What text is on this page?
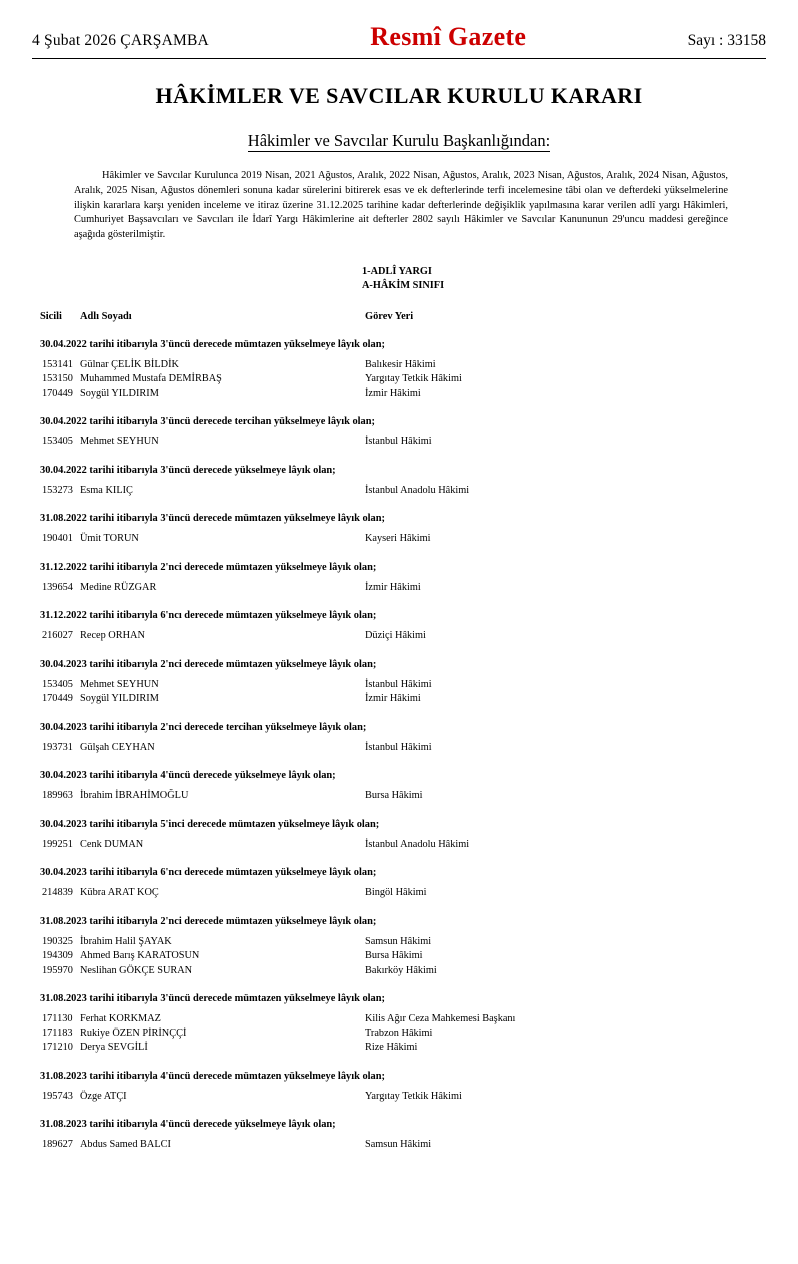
4 Şubat 2026 ÇARŞAMBA	Resmî Gazete	Sayı : 33158
HÂKİMLER VE SAVCILAR KURULU KARARI
Hâkimler ve Savcılar Kurulu Başkanlığından:

Hâkimler ve Savcılar Kurulunca 2019 Nisan, 2021 Ağustos, Aralık, 2022 Nisan, Ağustos, Aralık, 2023 Nisan, Ağustos, Aralık, 2024 Nisan, Ağustos, Aralık, 2025 Nisan, Ağustos dönemleri sonuna kadar sürelerini bitirerek esas ve ek defterlerinde terfi incelemesine tâbi olan ve defterdeki yükselmelerine ilişkin kararlara karşı yeniden inceleme ve itiraz üzerine 31.12.2025 tarihine kadar defterlerinde değişiklik yapılmasına karar verilen adlî yargı Hâkimleri, Cumhuriyet Başsavcıları ve Savcıları ile İdarî Yargı Hâkimlerine ait defterler 2802 sayılı Hâkimler ve Savcılar Kanununun 29'uncu maddesi gereğince aşağıda gösterilmiştir.

1-ADLÎ YARGI
A-HÂKİM SINIFI
Sicili Adlı Soyadı	Görev Yeri
30.04.2022 tarihi itibarıyla 3'üncü derecede mümtazen yükselmeye lâyık olan;
153141 Gülnar ÇELİK BİLDİK	Balıkesir Hâkimi
153150 Muhammed Mustafa DEMİRBAŞ	Yargıtay Tetkik Hâkimi
170449 Soygül YILDIRIM	İzmir Hâkimi
30.04.2022 tarihi itibarıyla 3'üncü derecede tercihan yükselmeye lâyık olan;
153405 Mehmet SEYHUN	İstanbul Hâkimi
30.04.2022 tarihi itibarıyla 3'üncü derecede yükselmeye lâyık olan;
153273 Esma KILIÇ	İstanbul Anadolu Hâkimi
31.08.2022 tarihi itibarıyla 3'üncü derecede mümtazen yükselmeye lâyık olan;
190401 Ümit TORUN	Kayseri Hâkimi
31.12.2022 tarihi itibarıyla 2'nci derecede mümtazen yükselmeye lâyık olan;
139654 Medine RÜZGAR	İzmir Hâkimi
31.12.2022 tarihi itibarıyla 6'ncı derecede mümtazen yükselmeye lâyık olan;
216027 Recep ORHAN	Düziçi Hâkimi
30.04.2023 tarihi itibarıyla 2'nci derecede mümtazen yükselmeye lâyık olan;
153405 Mehmet SEYHUN	İstanbul Hâkimi
170449 Soygül YILDIRIM	İzmir Hâkimi
30.04.2023 tarihi itibarıyla 2'nci derecede tercihan yükselmeye lâyık olan;
193731 Gülşah CEYHAN	İstanbul Hâkimi
30.04.2023 tarihi itibarıyla 4'üncü derecede yükselmeye lâyık olan;
189963 İbrahim İBRAHİMOĞLU	Bursa Hâkimi
30.04.2023 tarihi itibarıyla 5'inci derecede mümtazen yükselmeye lâyık olan;
199251 Cenk DUMAN	İstanbul Anadolu Hâkimi
30.04.2023 tarihi itibarıyla 6'ncı derecede mümtazen yükselmeye lâyık olan;
214839 Kübra ARAT KOÇ	Bingöl Hâkimi
31.08.2023 tarihi itibarıyla 2'nci derecede mümtazen yükselmeye lâyık olan;
190325 İbrahim Halil ŞAYAK	Samsun Hâkimi
194309 Ahmed Barış KARATOSUN	Bursa Hâkimi
195970 Neslihan GÖKÇE SURAN	Bakırköy Hâkimi
31.08.2023 tarihi itibarıyla 3'üncü derecede mümtazen yükselmeye lâyık olan;
171130 Ferhat KORKMAZ	Kilis Ağır Ceza Mahkemesi Başkanı
171183 Rukiye ÖZEN PİRİNÇÇİ	Trabzon Hâkimi
171210 Derya SEVGİLİ	Rize Hâkimi
31.08.2023 tarihi itibarıyla 4'üncü derecede mümtazen yükselmeye lâyık olan;
195743 Özge ATÇI	Yargıtay Tetkik Hâkimi
31.08.2023 tarihi itibarıyla 4'üncü derecede yükselmeye lâyık olan;
189627 Abdus Samed BALCI	Samsun Hâkimi
